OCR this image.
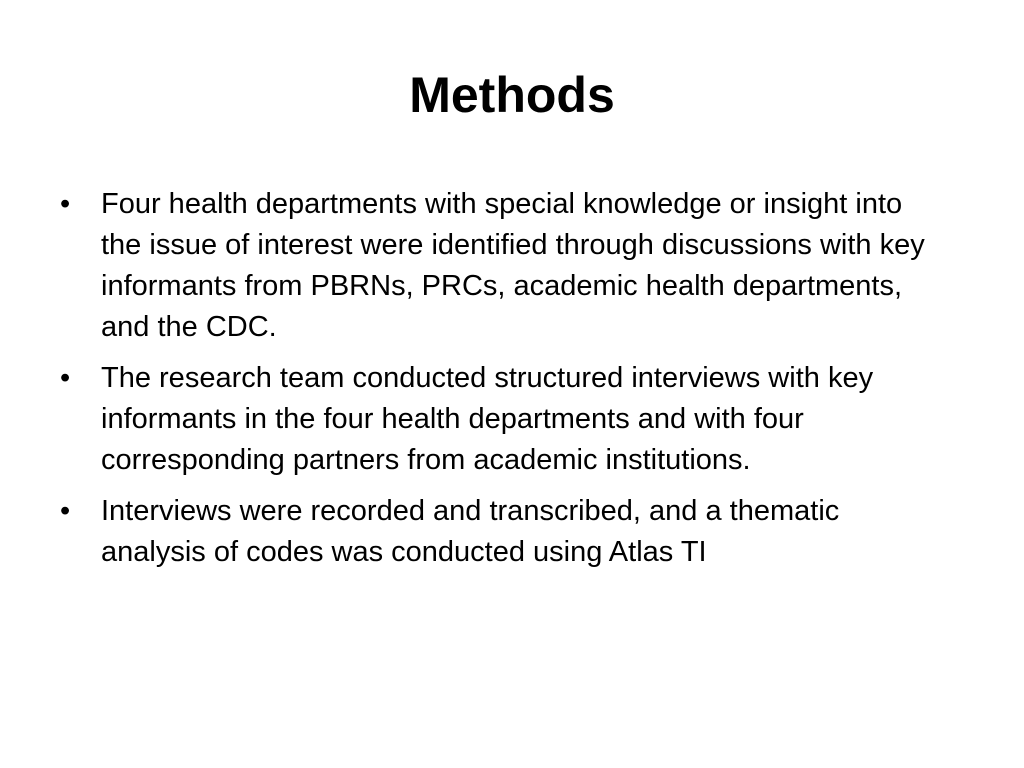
Methods
• Four health departments with special knowledge or insight into the issue of interest were identified through discussions with key informants from PBRNs, PRCs, academic health departments, and the CDC.
• The research team conducted structured interviews with key informants in the four health departments and with four corresponding partners from academic institutions.
• Interviews were recorded and transcribed, and a thematic analysis of codes was conducted using Atlas TI
